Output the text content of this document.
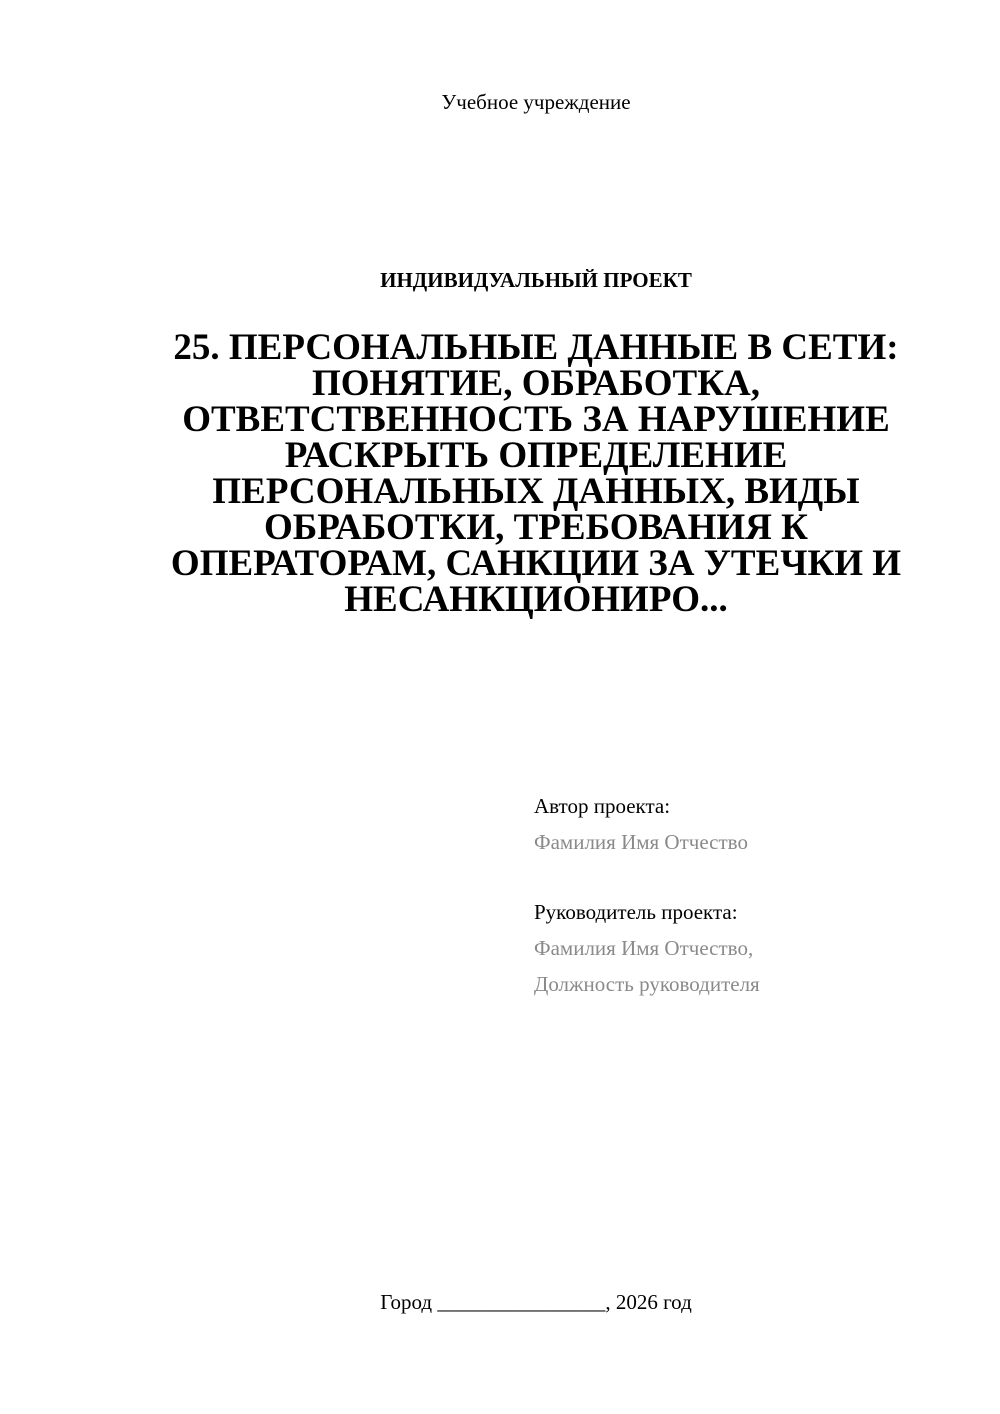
Учебное учреждение
ИНДИВИДУАЛЬНЫЙ ПРОЕКТ
25. ПЕРСОНАЛЬНЫЕ ДАННЫЕ В СЕТИ: ПОНЯТИЕ, ОБРАБОТКА, ОТВЕТСТВЕННОСТЬ ЗА НАРУШЕНИЕ РАСКРЫТЬ ОПРЕДЕЛЕНИЕ ПЕРСОНАЛЬНЫХ ДАННЫХ, ВИДЫ ОБРАБОТКИ, ТРЕБОВАНИЯ К ОПЕРАТОРАМ, САНКЦИИ ЗА УТЕЧКИ И НЕСАНКЦИОНИРО...
Автор проекта:
Фамилия Имя Отчество
Руководитель проекта:
Фамилия Имя Отчество,
Должность руководителя
Город ________________, 2026 год
